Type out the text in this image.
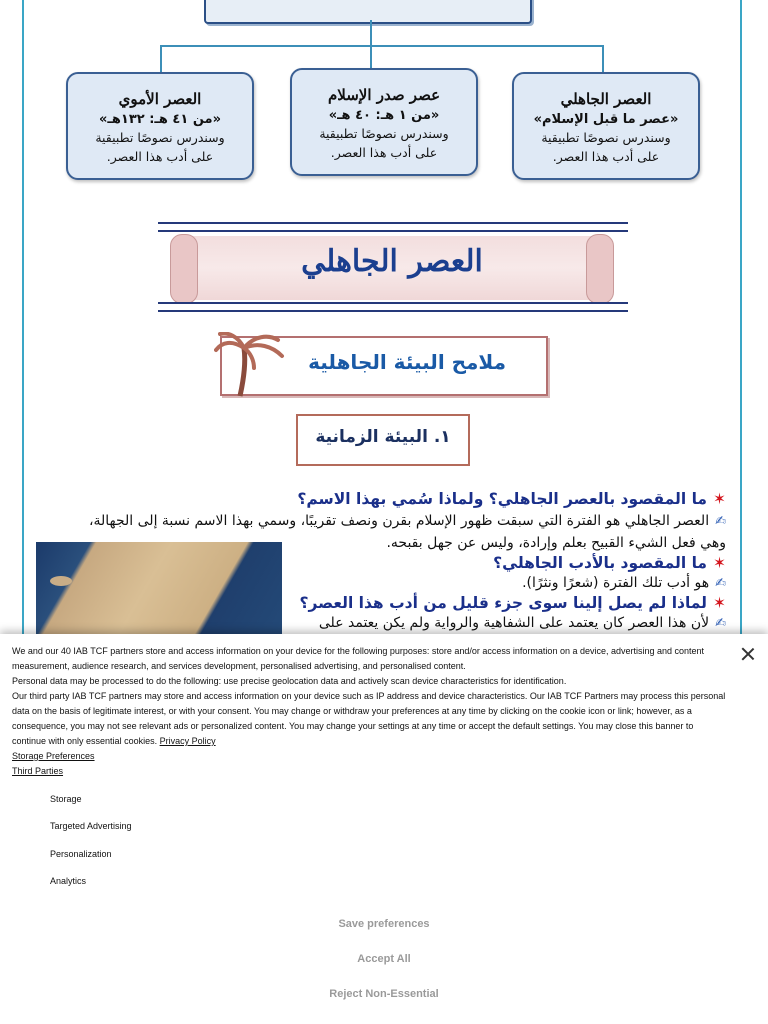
العصر الأموي
«من ٤١ هـ: ١٣٢هـ»
وسندرس نصوصًا تطبيقية
على أدب هذا العصر.
عصر صدر الإسلام
«من ١ هـ: ٤٠ هـ»
وسندرس نصوصًا تطبيقية
على أدب هذا العصر.
العصر الجاهلي
«عصر ما قبل الإسلام»
وسندرس نصوصًا تطبيقية
على أدب هذا العصر.
العصر الجاهلي
ملامح البيئة الجاهلية
١. البيئة الزمانية
✶ما المقصود بالعصر الجاهلي؟ ولماذا سُمي بهذا الاسم؟
✍العصر الجاهلي هو الفترة التي سبقت ظهور الإسلام بقرن ونصف تقريبًا، وسمي بهذا الاسم نسبة إلى الجهالة،
وهي فعل الشيء القبيح بعلم وإرادة، وليس عن جهل بقبحه.
✶ما المقصود بالأدب الجاهلي؟
✍هو أدب تلك الفترة (شعرًا ونثرًا).
✶لماذا لم يصل إلينا سوى جزء قليل من أدب هذا العصر؟
✍لأن هذا العصر كان يعتمد على الشفاهية والرواية ولم يكن يعتمد على

We and our 40 IAB TCF partners store and access information on your device for the following purposes: store and/or access information on a device, advertising and content measurement, audience research, and services development, personalised advertising, and personalised content.

Personal data may be processed to do the following: use precise geolocation data and actively scan device characteristics for identification.

Our third party IAB TCF partners may store and access information on your device such as IP address and device characteristics. Our IAB TCF Partners may process this personal data on the basis of legitimate interest, or with your consent. You may change or withdraw your preferences at any time by clicking on the cookie icon or link; however, as a consequence, you may not see relevant ads or personalized content. You may change your settings at any time or accept the default settings. You may close this banner to continue with only essential cookies. Privacy Policy

Storage Preferences

Third Parties

Storage
Targeted Advertising
Personalization
Analytics
Save preferences
Accept All
Reject Non-Essential
